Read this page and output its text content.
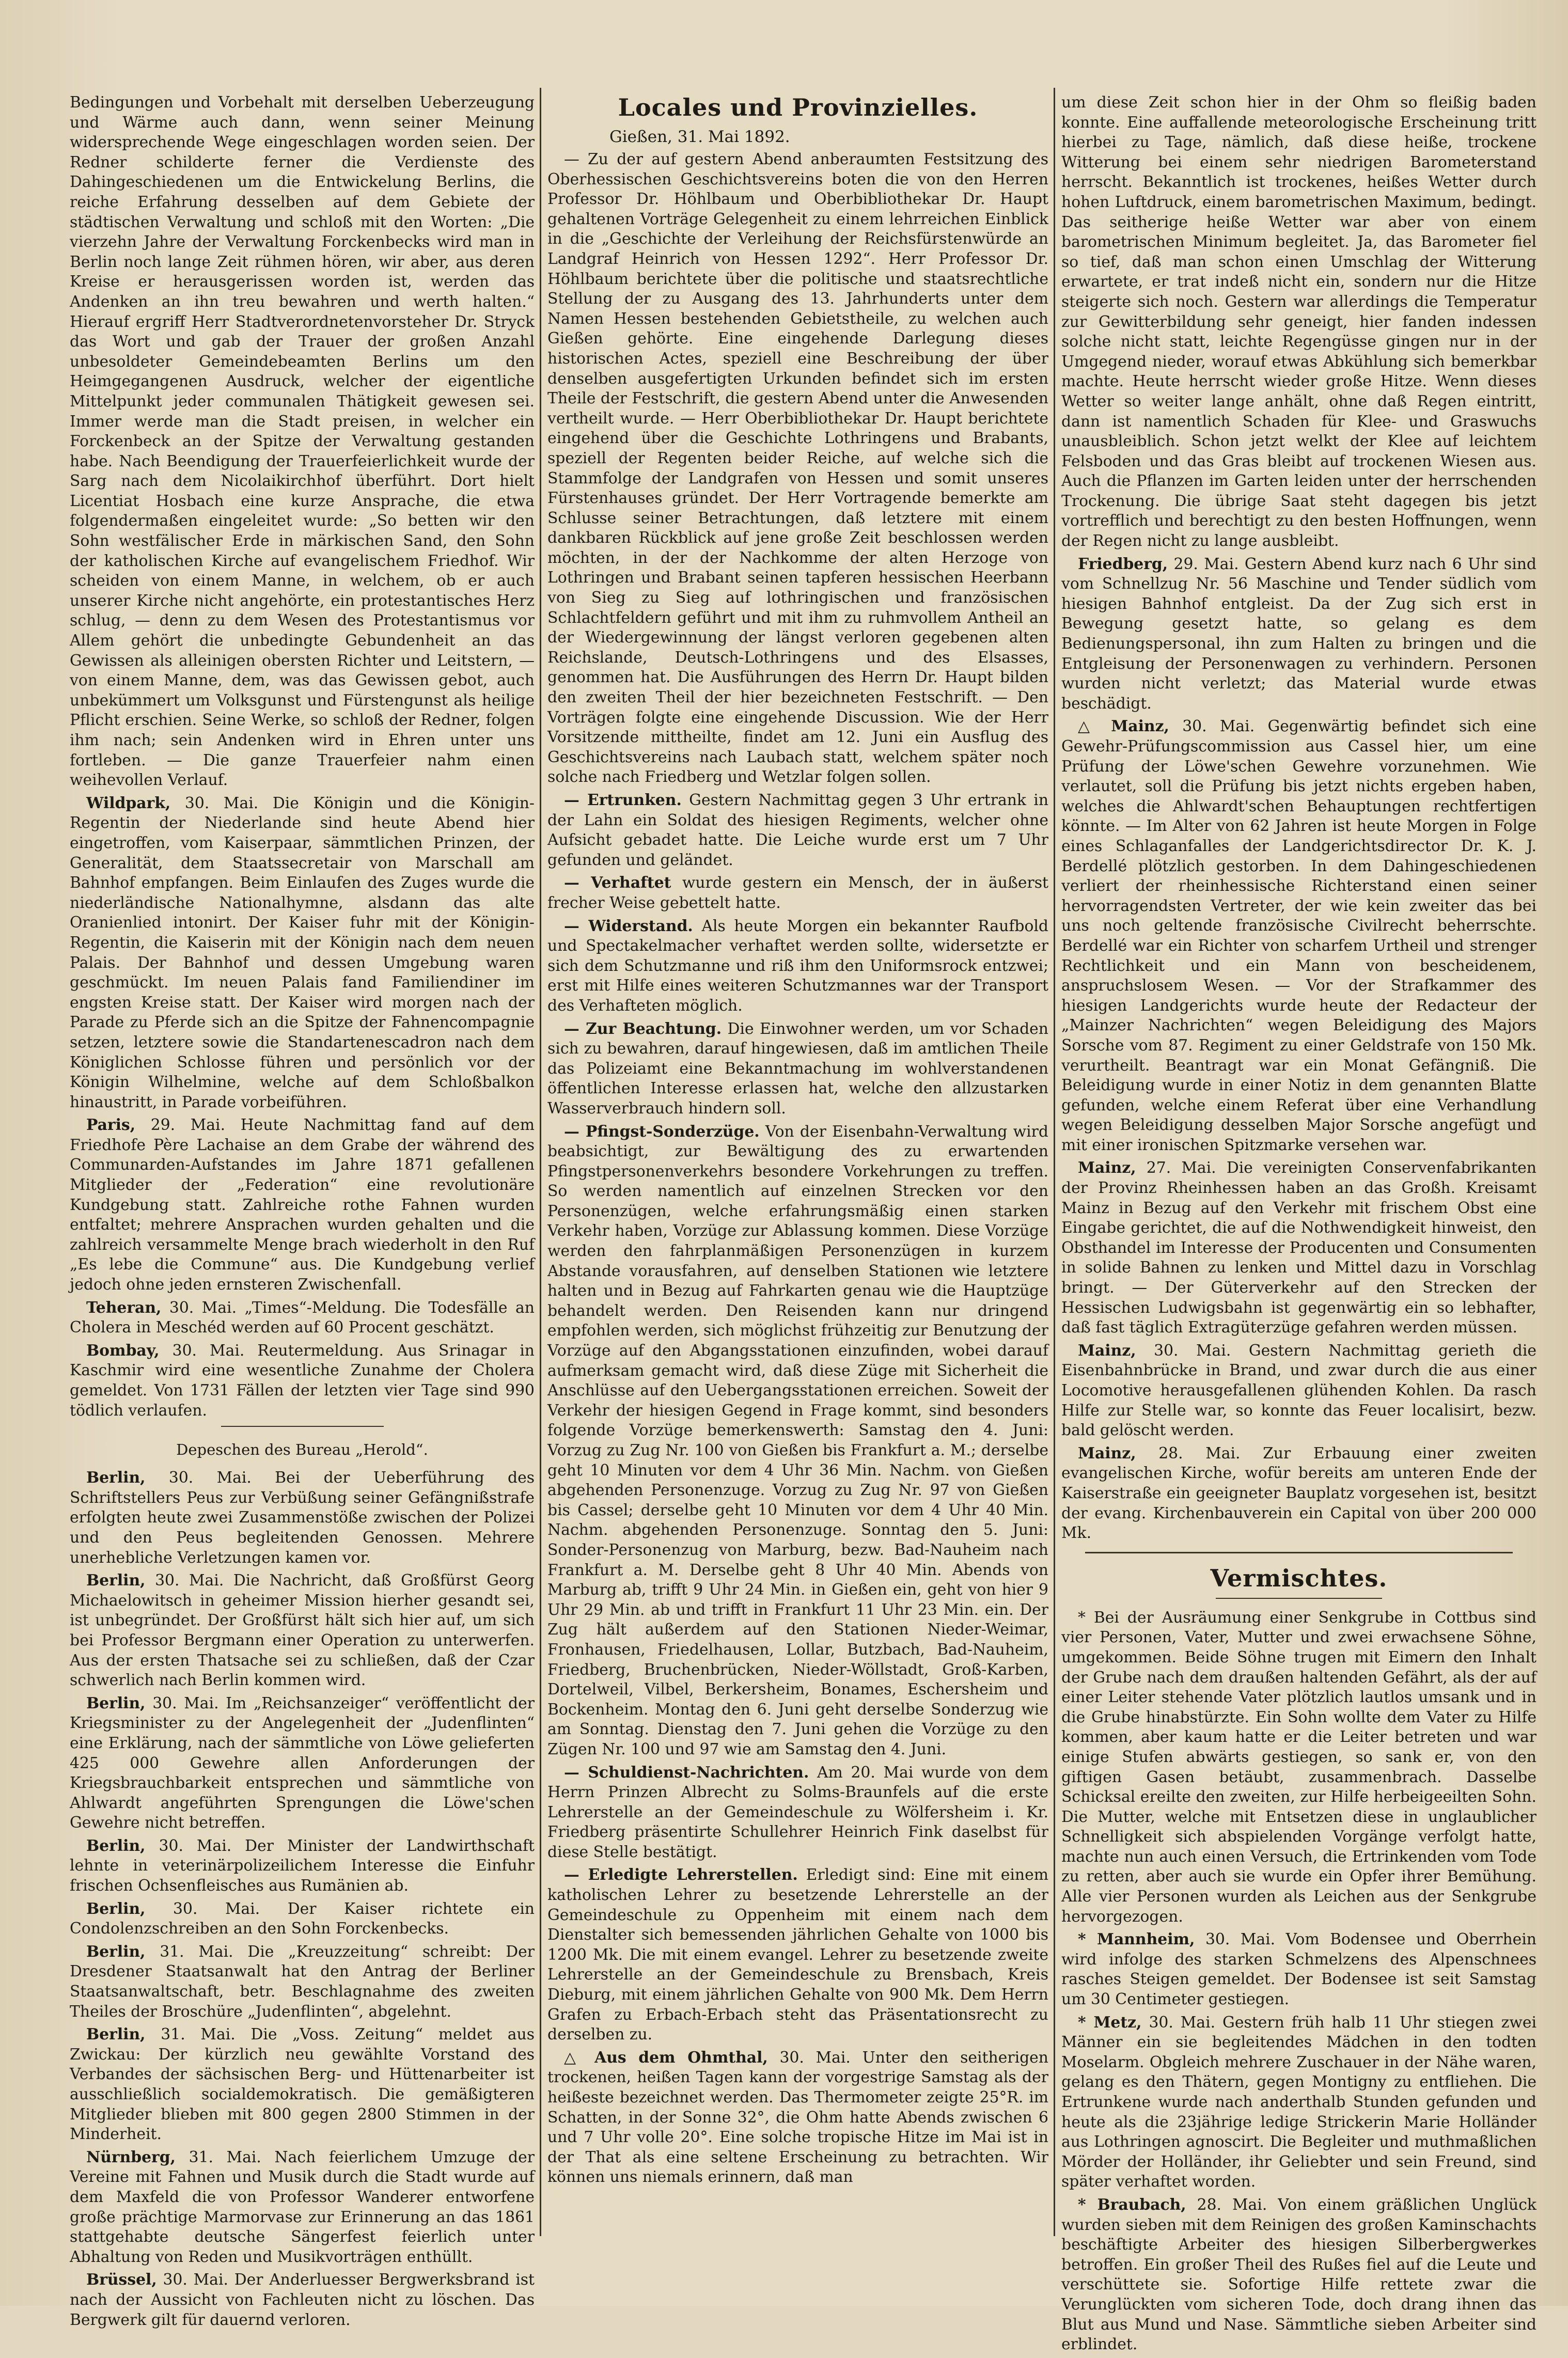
Bedingungen und Vorbehalt mit derselben Ueberzeugung und Wärme auch dann, wenn seiner Meinung widersprechende Wege eingeschlagen worden seien. Der Redner schilderte ferner die Verdienste des Dahingeschiedenen um die Entwickelung Berlins, die reiche Erfahrung desselben auf dem Gebiete der städtischen Verwaltung und schloß mit den Worten: „Die vierzehn Jahre der Verwaltung Forckenbecks wird man in Berlin noch lange Zeit rühmen hören, wir aber, aus deren Kreise er herausgerissen worden ist, werden das Andenken an ihn treu bewahren und werth halten.“ Hierauf ergriff Herr Stadtverordnetenvorsteher Dr. Stryck das Wort und gab der Trauer der großen Anzahl unbesoldeter Gemeindebeamten Berlins um den Heimgegangenen Ausdruck, welcher der eigentliche Mittelpunkt jeder communalen Thätigkeit gewesen sei. Immer werde man die Stadt preisen, in welcher ein Forckenbeck an der Spitze der Verwaltung gestanden habe. Nach Beendigung der Trauerfeierlichkeit wurde der Sarg nach dem Nicolaikirchhof überführt. Dort hielt Licentiat Hosbach eine kurze Ansprache, die etwa folgendermaßen eingeleitet wurde: „So betten wir den Sohn westfälischer Erde in märkischen Sand, den Sohn der katholischen Kirche auf evangelischem Friedhof. Wir scheiden von einem Manne, in welchem, ob er auch unserer Kirche nicht angehörte, ein protestantisches Herz schlug, — denn zu dem Wesen des Protestantismus vor Allem gehört die unbedingte Gebundenheit an das Gewissen als alleinigen obersten Richter und Leitstern, — von einem Manne, dem, was das Gewissen gebot, auch unbekümmert um Volksgunst und Fürstengunst als heilige Pflicht erschien. Seine Werke, so schloß der Redner, folgen ihm nach; sein Andenken wird in Ehren unter uns fortleben. — Die ganze Trauerfeier nahm einen weihevollen Verlauf.

Wildpark, 30. Mai. Die Königin und die Königin-Regentin der Niederlande sind heute Abend hier eingetroffen, vom Kaiserpaar, sämmtlichen Prinzen, der Generalität, dem Staatssecretair von Marschall am Bahnhof empfangen. Beim Einlaufen des Zuges wurde die niederländische Nationalhymne, alsdann das alte Oranienlied intonirt. Der Kaiser fuhr mit der Königin-Regentin, die Kaiserin mit der Königin nach dem neuen Palais. Der Bahnhof und dessen Umgebung waren geschmückt. Im neuen Palais fand Familiendiner im engsten Kreise statt. Der Kaiser wird morgen nach der Parade zu Pferde sich an die Spitze der Fahnencompagnie setzen, letztere sowie die Standartenescadron nach dem Königlichen Schlosse führen und persönlich vor der Königin Wilhelmine, welche auf dem Schloßbalkon hinaustritt, in Parade vorbeiführen.

Paris, 29. Mai. Heute Nachmittag fand auf dem Friedhofe Père Lachaise an dem Grabe der während des Communarden-Aufstandes im Jahre 1871 gefallenen Mitglieder der „Federation“ eine revolutionäre Kundgebung statt. Zahlreiche rothe Fahnen wurden entfaltet; mehrere Ansprachen wurden gehalten und die zahlreich versammelte Menge brach wiederholt in den Ruf „Es lebe die Commune“ aus. Die Kundgebung verlief jedoch ohne jeden ernsteren Zwischenfall.

Teheran, 30. Mai. „Times“-Meldung. Die Todesfälle an Cholera in Meschéd werden auf 60 Procent geschätzt.

Bombay, 30. Mai. Reutermeldung. Aus Srinagar in Kaschmir wird eine wesentliche Zunahme der Cholera gemeldet. Von 1731 Fällen der letzten vier Tage sind 990 tödlich verlaufen.

Depeschen des Bureau „Herold“.

Berlin, 30. Mai. Bei der Ueberführung des Schriftstellers Peus zur Verbüßung seiner Gefängnißstrafe erfolgten heute zwei Zusammenstöße zwischen der Polizei und den Peus begleitenden Genossen. Mehrere unerhebliche Verletzungen kamen vor.

Berlin, 30. Mai. Die Nachricht, daß Großfürst Georg Michaelowitsch in geheimer Mission hierher gesandt sei, ist unbegründet. Der Großfürst hält sich hier auf, um sich bei Professor Bergmann einer Operation zu unterwerfen. Aus der ersten Thatsache sei zu schließen, daß der Czar schwerlich nach Berlin kommen wird.

Berlin, 30. Mai. Im „Reichsanzeiger“ veröffentlicht der Kriegsminister zu der Angelegenheit der „Judenflinten“ eine Erklärung, nach der sämmtliche von Löwe gelieferten 425 000 Gewehre allen Anforderungen der Kriegsbrauchbarkeit entsprechen und sämmtliche von Ahlwardt angeführten Sprengungen die Löwe'schen Gewehre nicht betreffen.

Berlin, 30. Mai. Der Minister der Landwirthschaft lehnte in veterinärpolizeilichem Interesse die Einfuhr frischen Ochsenfleisches aus Rumänien ab.

Berlin, 30. Mai. Der Kaiser richtete ein Condolenzschreiben an den Sohn Forckenbecks.

Berlin, 31. Mai. Die „Kreuzzeitung“ schreibt: Der Dresdener Staatsanwalt hat den Antrag der Berliner Staatsanwaltschaft, betr. Beschlagnahme des zweiten Theiles der Broschüre „Judenflinten“, abgelehnt.

Berlin, 31. Mai. Die „Voss. Zeitung“ meldet aus Zwickau: Der kürzlich neu gewählte Vorstand des Verbandes der sächsischen Berg- und Hüttenarbeiter ist ausschließlich socialdemokratisch. Die gemäßigteren Mitglieder blieben mit 800 gegen 2800 Stimmen in der Minderheit.

Nürnberg, 31. Mai. Nach feierlichem Umzuge der Vereine mit Fahnen und Musik durch die Stadt wurde auf dem Maxfeld die von Professor Wanderer entworfene große prächtige Marmorvase zur Erinnerung an das 1861 stattgehabte deutsche Sängerfest feierlich unter Abhaltung von Reden und Musikvorträgen enthüllt.

Brüssel, 30. Mai. Der Anderluesser Bergwerksbrand ist nach der Aussicht von Fachleuten nicht zu löschen. Das Bergwerk gilt für dauernd verloren.

Locales und Provinzielles.
Gießen, 31. Mai 1892.

— Zu der auf gestern Abend anberaumten Festsitzung des Oberhessischen Geschichtsvereins boten die von den Herren Professor Dr. Höhlbaum und Oberbibliothekar Dr. Haupt gehaltenen Vorträge Gelegenheit zu einem lehrreichen Einblick in die „Geschichte der Verleihung der Reichsfürstenwürde an Landgraf Heinrich von Hessen 1292“. Herr Professor Dr. Höhlbaum berichtete über die politische und staatsrechtliche Stellung der zu Ausgang des 13. Jahrhunderts unter dem Namen Hessen bestehenden Gebietstheile, zu welchen auch Gießen gehörte. Eine eingehende Darlegung dieses historischen Actes, speziell eine Beschreibung der über denselben ausgefertigten Urkunden befindet sich im ersten Theile der Festschrift, die gestern Abend unter die Anwesenden vertheilt wurde. — Herr Oberbibliothekar Dr. Haupt berichtete eingehend über die Geschichte Lothringens und Brabants, speziell der Regenten beider Reiche, auf welche sich die Stammfolge der Landgrafen von Hessen und somit unseres Fürstenhauses gründet. Der Herr Vortragende bemerkte am Schlusse seiner Betrachtungen, daß letztere mit einem dankbaren Rückblick auf jene große Zeit beschlossen werden möchten, in der der Nachkomme der alten Herzoge von Lothringen und Brabant seinen tapferen hessischen Heerbann von Sieg zu Sieg auf lothringischen und französischen Schlachtfeldern geführt und mit ihm zu ruhmvollem Antheil an der Wiedergewinnung der längst verloren gegebenen alten Reichslande, Deutsch-Lothringens und des Elsasses, genommen hat. Die Ausführungen des Herrn Dr. Haupt bilden den zweiten Theil der hier bezeichneten Festschrift. — Den Vorträgen folgte eine eingehende Discussion. Wie der Herr Vorsitzende mittheilte, findet am 12. Juni ein Ausflug des Geschichtsvereins nach Laubach statt, welchem später noch solche nach Friedberg und Wetzlar folgen sollen.

— Ertrunken. Gestern Nachmittag gegen 3 Uhr ertrank in der Lahn ein Soldat des hiesigen Regiments, welcher ohne Aufsicht gebadet hatte. Die Leiche wurde erst um 7 Uhr gefunden und geländet.

— Verhaftet wurde gestern ein Mensch, der in äußerst frecher Weise gebettelt hatte.

— Widerstand. Als heute Morgen ein bekannter Raufbold und Spectakelmacher verhaftet werden sollte, widersetzte er sich dem Schutzmanne und riß ihm den Uniformsrock entzwei; erst mit Hilfe eines weiteren Schutzmannes war der Transport des Verhafteten möglich.

— Zur Beachtung. Die Einwohner werden, um vor Schaden sich zu bewahren, darauf hingewiesen, daß im amtlichen Theile das Polizeiamt eine Bekanntmachung im wohlverstandenen öffentlichen Interesse erlassen hat, welche den allzustarken Wasserverbrauch hindern soll.

— Pfingst-Sonderzüge. Von der Eisenbahn-Verwaltung wird beabsichtigt, zur Bewältigung des zu erwartenden Pfingstpersonenverkehrs besondere Vorkehrungen zu treffen. So werden namentlich auf einzelnen Strecken vor den Personenzügen, welche erfahrungsmäßig einen starken Verkehr haben, Vorzüge zur Ablassung kommen. Diese Vorzüge werden den fahrplanmäßigen Personenzügen in kurzem Abstande vorausfahren, auf denselben Stationen wie letztere halten und in Bezug auf Fahrkarten genau wie die Hauptzüge behandelt werden. Den Reisenden kann nur dringend empfohlen werden, sich möglichst frühzeitig zur Benutzung der Vorzüge auf den Abgangsstationen einzufinden, wobei darauf aufmerksam gemacht wird, daß diese Züge mit Sicherheit die Anschlüsse auf den Uebergangsstationen erreichen. Soweit der Verkehr der hiesigen Gegend in Frage kommt, sind besonders folgende Vorzüge bemerkenswerth: Samstag den 4. Juni: Vorzug zu Zug Nr. 100 von Gießen bis Frankfurt a. M.; derselbe geht 10 Minuten vor dem 4 Uhr 36 Min. Nachm. von Gießen abgehenden Personenzuge. Vorzug zu Zug Nr. 97 von Gießen bis Cassel; derselbe geht 10 Minuten vor dem 4 Uhr 40 Min. Nachm. abgehenden Personenzuge. Sonntag den 5. Juni: Sonder-Personenzug von Marburg, bezw. Bad-Nauheim nach Frankfurt a. M. Derselbe geht 8 Uhr 40 Min. Abends von Marburg ab, trifft 9 Uhr 24 Min. in Gießen ein, geht von hier 9 Uhr 29 Min. ab und trifft in Frankfurt 11 Uhr 23 Min. ein. Der Zug hält außerdem auf den Stationen Nieder-Weimar, Fronhausen, Friedelhausen, Lollar, Butzbach, Bad-Nauheim, Friedberg, Bruchenbrücken, Nieder-Wöllstadt, Groß-Karben, Dortelweil, Vilbel, Berkersheim, Bonames, Eschersheim und Bockenheim. Montag den 6. Juni geht derselbe Sonderzug wie am Sonntag. Dienstag den 7. Juni gehen die Vorzüge zu den Zügen Nr. 100 und 97 wie am Samstag den 4. Juni.

— Schuldienst-Nachrichten. Am 20. Mai wurde von dem Herrn Prinzen Albrecht zu Solms-Braunfels auf die erste Lehrerstelle an der Gemeindeschule zu Wölfersheim i. Kr. Friedberg präsentirte Schullehrer Heinrich Fink daselbst für diese Stelle bestätigt.

— Erledigte Lehrerstellen. Erledigt sind: Eine mit einem katholischen Lehrer zu besetzende Lehrerstelle an der Gemeindeschule zu Oppenheim mit einem nach dem Dienstalter sich bemessenden jährlichen Gehalte von 1000 bis 1200 Mk. Die mit einem evangel. Lehrer zu besetzende zweite Lehrerstelle an der Gemeindeschule zu Brensbach, Kreis Dieburg, mit einem jährlichen Gehalte von 900 Mk. Dem Herrn Grafen zu Erbach-Erbach steht das Präsentationsrecht zu derselben zu.

△ Aus dem Ohmthal, 30. Mai. Unter den seitherigen trockenen, heißen Tagen kann der vorgestrige Samstag als der heißeste bezeichnet werden. Das Thermometer zeigte 25°R. im Schatten, in der Sonne 32°, die Ohm hatte Abends zwischen 6 und 7 Uhr volle 20°. Eine solche tropische Hitze im Mai ist in der That als eine seltene Erscheinung zu betrachten. Wir können uns niemals erinnern, daß man

um diese Zeit schon hier in der Ohm so fleißig baden konnte. Eine auffallende meteorologische Erscheinung tritt hierbei zu Tage, nämlich, daß diese heiße, trockene Witterung bei einem sehr niedrigen Barometerstand herrscht. Bekanntlich ist trockenes, heißes Wetter durch hohen Luftdruck, einem barometrischen Maximum, bedingt. Das seitherige heiße Wetter war aber von einem barometrischen Minimum begleitet. Ja, das Barometer fiel so tief, daß man schon einen Umschlag der Witterung erwartete, er trat indeß nicht ein, sondern nur die Hitze steigerte sich noch. Gestern war allerdings die Temperatur zur Gewitterbildung sehr geneigt, hier fanden indessen solche nicht statt, leichte Regengüsse gingen nur in der Umgegend nieder, worauf etwas Abkühlung sich bemerkbar machte. Heute herrscht wieder große Hitze. Wenn dieses Wetter so weiter lange anhält, ohne daß Regen eintritt, dann ist namentlich Schaden für Klee- und Graswuchs unausbleiblich. Schon jetzt welkt der Klee auf leichtem Felsboden und das Gras bleibt auf trockenen Wiesen aus. Auch die Pflanzen im Garten leiden unter der herrschenden Trockenung. Die übrige Saat steht dagegen bis jetzt vortrefflich und berechtigt zu den besten Hoffnungen, wenn der Regen nicht zu lange ausbleibt.

Friedberg, 29. Mai. Gestern Abend kurz nach 6 Uhr sind vom Schnellzug Nr. 56 Maschine und Tender südlich vom hiesigen Bahnhof entgleist. Da der Zug sich erst in Bewegung gesetzt hatte, so gelang es dem Bedienungspersonal, ihn zum Halten zu bringen und die Entgleisung der Personenwagen zu verhindern. Personen wurden nicht verletzt; das Material wurde etwas beschädigt.

△ Mainz, 30. Mai. Gegenwärtig befindet sich eine Gewehr-Prüfungscommission aus Cassel hier, um eine Prüfung der Löwe'schen Gewehre vorzunehmen. Wie verlautet, soll die Prüfung bis jetzt nichts ergeben haben, welches die Ahlwardt'schen Behauptungen rechtfertigen könnte. — Im Alter von 62 Jahren ist heute Morgen in Folge eines Schlaganfalles der Landgerichtsdirector Dr. K. J. Berdellé plötzlich gestorben. In dem Dahingeschiedenen verliert der rheinhessische Richterstand einen seiner hervorragendsten Vertreter, der wie kein zweiter das bei uns noch geltende französische Civilrecht beherrschte. Berdellé war ein Richter von scharfem Urtheil und strenger Rechtlichkeit und ein Mann von bescheidenem, anspruchslosem Wesen. — Vor der Strafkammer des hiesigen Landgerichts wurde heute der Redacteur der „Mainzer Nachrichten“ wegen Beleidigung des Majors Sorsche vom 87. Regiment zu einer Geldstrafe von 150 Mk. verurtheilt. Beantragt war ein Monat Gefängniß. Die Beleidigung wurde in einer Notiz in dem genannten Blatte gefunden, welche einem Referat über eine Verhandlung wegen Beleidigung desselben Major Sorsche angefügt und mit einer ironischen Spitzmarke versehen war.

Mainz, 27. Mai. Die vereinigten Conservenfabrikanten der Provinz Rheinhessen haben an das Großh. Kreisamt Mainz in Bezug auf den Verkehr mit frischem Obst eine Eingabe gerichtet, die auf die Nothwendigkeit hinweist, den Obsthandel im Interesse der Producenten und Consumenten in solide Bahnen zu lenken und Mittel dazu in Vorschlag bringt. — Der Güterverkehr auf den Strecken der Hessischen Ludwigsbahn ist gegenwärtig ein so lebhafter, daß fast täglich Extragüterzüge gefahren werden müssen.

Mainz, 30. Mai. Gestern Nachmittag gerieth die Eisenbahnbrücke in Brand, und zwar durch die aus einer Locomotive herausgefallenen glühenden Kohlen. Da rasch Hilfe zur Stelle war, so konnte das Feuer localisirt, bezw. bald gelöscht werden.

Mainz, 28. Mai. Zur Erbauung einer zweiten evangelischen Kirche, wofür bereits am unteren Ende der Kaiserstraße ein geeigneter Bauplatz vorgesehen ist, besitzt der evang. Kirchenbauverein ein Capital von über 200 000 Mk.

Vermischtes.

* Bei der Ausräumung einer Senkgrube in Cottbus sind vier Personen, Vater, Mutter und zwei erwachsene Söhne, umgekommen. Beide Söhne trugen mit Eimern den Inhalt der Grube nach dem draußen haltenden Gefährt, als der auf einer Leiter stehende Vater plötzlich lautlos umsank und in die Grube hinabstürzte. Ein Sohn wollte dem Vater zu Hilfe kommen, aber kaum hatte er die Leiter betreten und war einige Stufen abwärts gestiegen, so sank er, von den giftigen Gasen betäubt, zusammenbrach. Dasselbe Schicksal ereilte den zweiten, zur Hilfe herbeigeeilten Sohn. Die Mutter, welche mit Entsetzen diese in unglaublicher Schnelligkeit sich abspielenden Vorgänge verfolgt hatte, machte nun auch einen Versuch, die Ertrinkenden vom Tode zu retten, aber auch sie wurde ein Opfer ihrer Bemühung. Alle vier Personen wurden als Leichen aus der Senkgrube hervorgezogen.

* Mannheim, 30. Mai. Vom Bodensee und Oberrhein wird infolge des starken Schmelzens des Alpenschnees rasches Steigen gemeldet. Der Bodensee ist seit Samstag um 30 Centimeter gestiegen.

* Metz, 30. Mai. Gestern früh halb 11 Uhr stiegen zwei Männer ein sie begleitendes Mädchen in den todten Moselarm. Obgleich mehrere Zuschauer in der Nähe waren, gelang es den Thätern, gegen Montigny zu entfliehen. Die Ertrunkene wurde nach anderthalb Stunden gefunden und heute als die 23jährige ledige Strickerin Marie Holländer aus Lothringen agnoscirt. Die Begleiter und muthmaßlichen Mörder der Holländer, ihr Geliebter und sein Freund, sind später verhaftet worden.

* Braubach, 28. Mai. Von einem gräßlichen Unglück wurden sieben mit dem Reinigen des großen Kaminschachts beschäftigte Arbeiter des hiesigen Silberbergwerkes betroffen. Ein großer Theil des Rußes fiel auf die Leute und verschüttete sie. Sofortige Hilfe rettete zwar die Verunglückten vom sicheren Tode, doch drang ihnen das Blut aus Mund und Nase. Sämmtliche sieben Arbeiter sind erblindet.
